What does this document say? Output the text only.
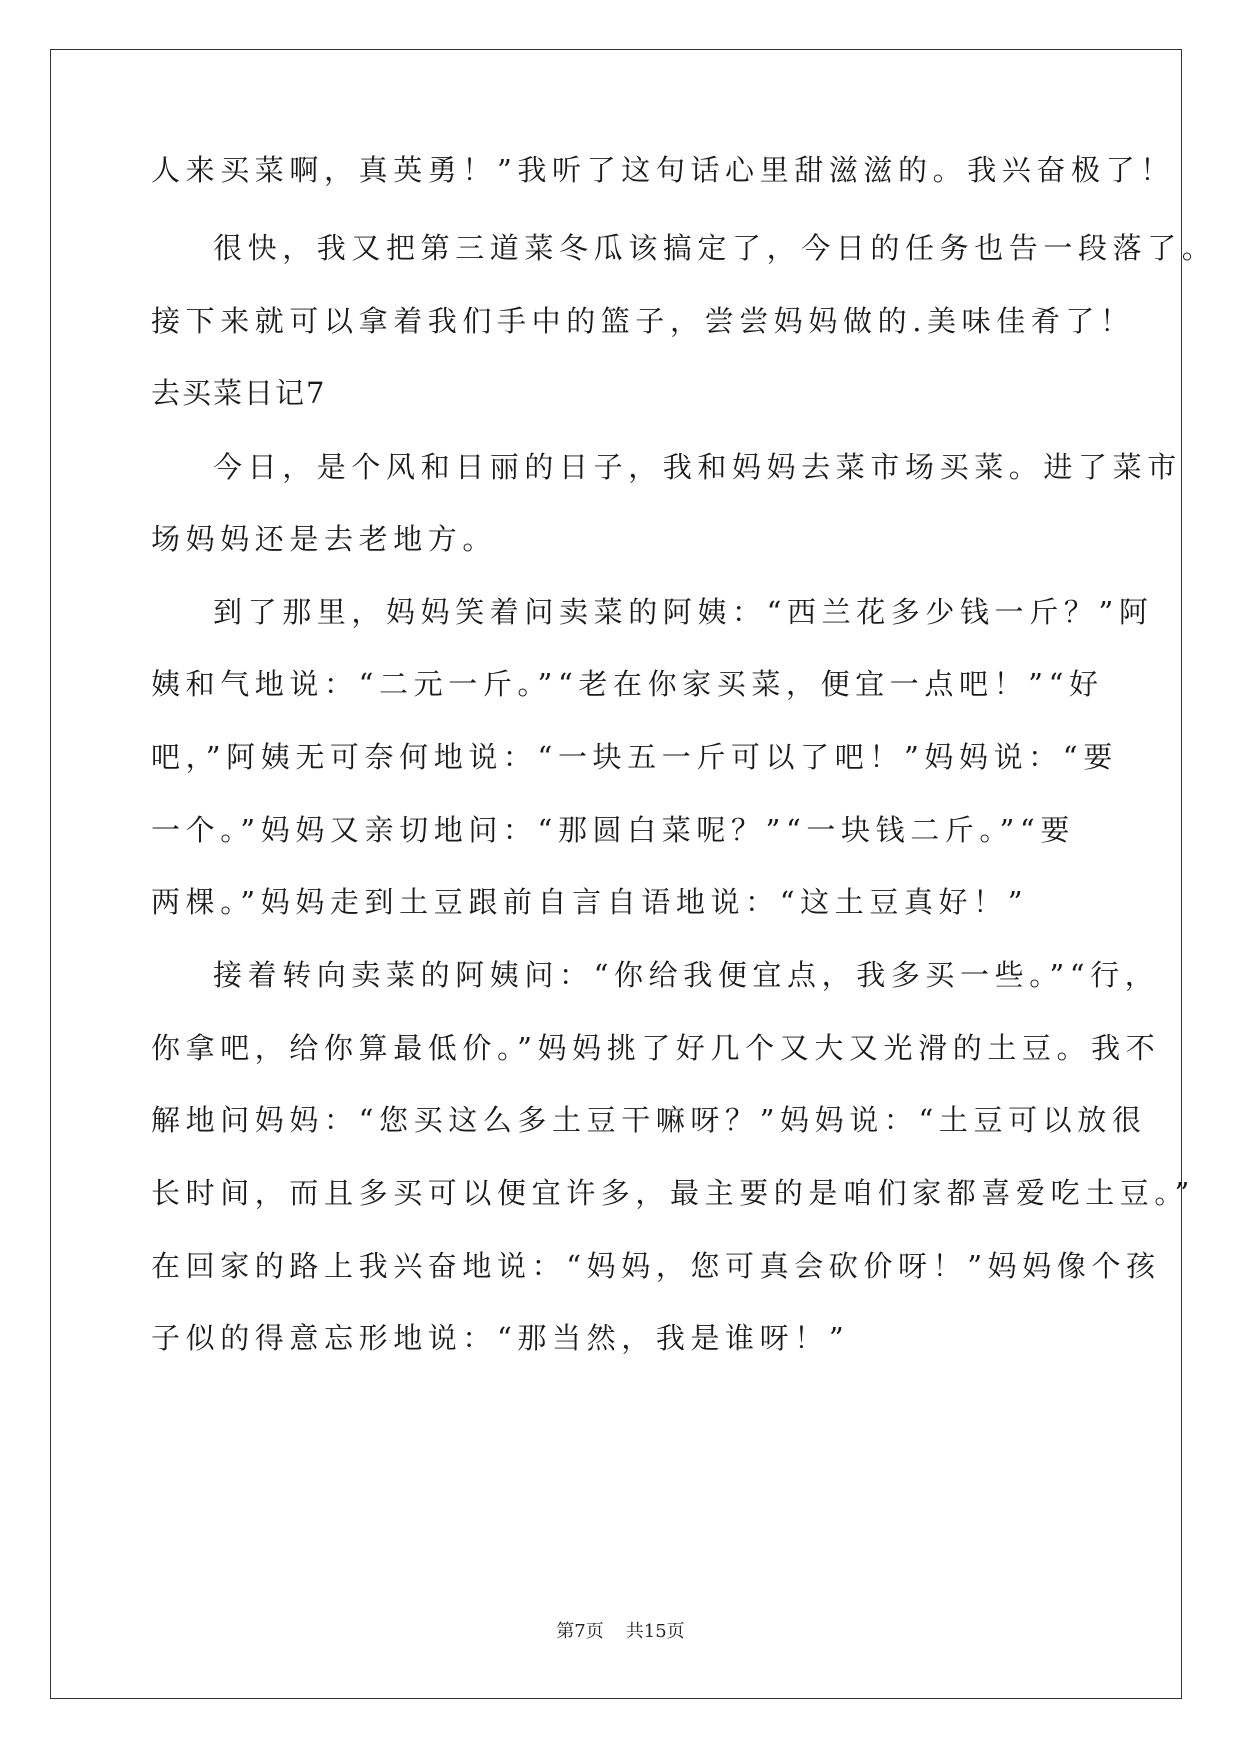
人来买菜啊，真英勇！”我听了这句话心里甜滋滋的。我兴奋极了！
很快，我又把第三道菜冬瓜该搞定了，今日的任务也告一段落了。
接下来就可以拿着我们手中的篮子，尝尝妈妈做的.美味佳肴了！
去买菜日记7
今日，是个风和日丽的日子，我和妈妈去菜市场买菜。进了菜市
场妈妈还是去老地方。
到了那里，妈妈笑着问卖菜的阿姨：“西兰花多少钱一斤？”阿
姨和气地说：“二元一斤。”“老在你家买菜，便宜一点吧！”“好
吧，”阿姨无可奈何地说：“一块五一斤可以了吧！”妈妈说：“要
一个。”妈妈又亲切地问：“那圆白菜呢？”“一块钱二斤。”“要
两棵。”妈妈走到土豆跟前自言自语地说：“这土豆真好！”
接着转向卖菜的阿姨问：“你给我便宜点，我多买一些。”“行，
你拿吧，给你算最低价。”妈妈挑了好几个又大又光滑的土豆。我不
解地问妈妈：“您买这么多土豆干嘛呀？”妈妈说：“土豆可以放很
长时间，而且多买可以便宜许多，最主要的是咱们家都喜爱吃土豆。”
在回家的路上我兴奋地说：“妈妈，您可真会砍价呀！”妈妈像个孩
子似的得意忘形地说：“那当然，我是谁呀！”
第7页 共15页
